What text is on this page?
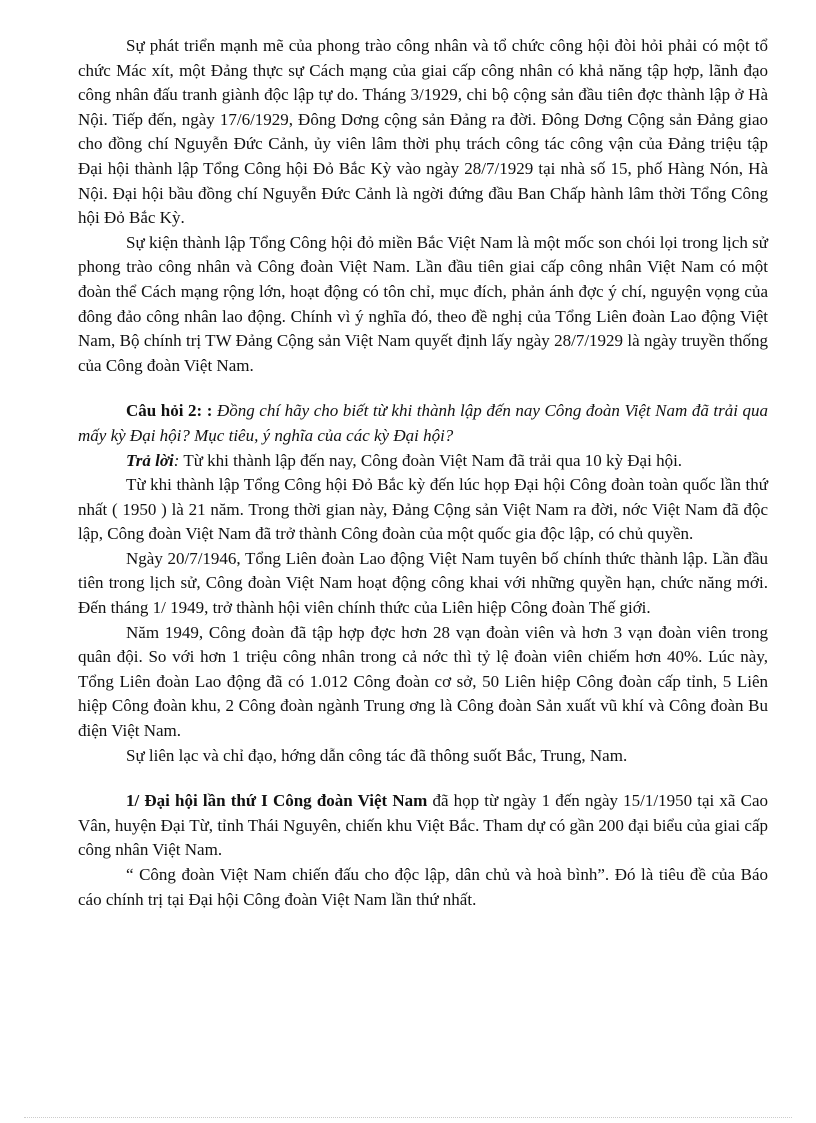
Sự phát triển mạnh mẽ của phong trào công nhân và tổ chức công hội đòi hỏi phải có một tổ chức Mác xít, một Đảng thực sự Cách mạng của giai cấp công nhân có khả năng tập hợp, lãnh đạo công nhân đấu tranh giành độc lập tự do. Tháng 3/1929, chi bộ cộng sản đầu tiên đợc thành lập ở Hà Nội. Tiếp đến, ngày 17/6/1929, Đông Dơng cộng sản Đảng ra đời. Đông Dơng Cộng sản Đảng giao cho đồng chí Nguyễn Đức Cảnh, ủy viên lâm thời phụ trách công tác công vận của Đảng triệu tập Đại hội thành lập Tổng Công hội Đỏ Bắc Kỳ vào ngày 28/7/1929 tại nhà số 15, phố Hàng Nón, Hà Nội. Đại hội bầu đồng chí Nguyễn Đức Cảnh là ngời đứng đầu Ban Chấp hành lâm thời Tổng Công hội Đỏ Bắc Kỳ.

Sự kiện thành lập Tổng Công hội đỏ miền Bắc Việt Nam là một mốc son chói lọi trong lịch sử phong trào công nhân và Công đoàn Việt Nam. Lần đầu tiên giai cấp công nhân Việt Nam có một đoàn thể Cách mạng rộng lớn, hoạt động có tôn chỉ, mục đích, phản ánh đợc ý chí, nguyện vọng của đông đảo công nhân lao động. Chính vì ý nghĩa đó, theo đề nghị của Tổng Liên đoàn Lao động Việt Nam, Bộ chính trị TW Đảng Cộng sản Việt Nam quyết định lấy ngày 28/7/1929 là ngày truyền thống của Công đoàn Việt Nam.

Câu hỏi 2: : Đồng chí hãy cho biết từ khi thành lập đến nay Công đoàn Việt Nam đã trải qua mấy kỳ Đại hội? Mục tiêu, ý nghĩa của các kỳ Đại hội?

Trả lời: Từ khi thành lập đến nay, Công đoàn Việt Nam đã trải qua 10 kỳ Đại hội.

Từ khi thành lập Tổng Công hội Đỏ Bắc kỳ đến lúc họp Đại hội Công đoàn toàn quốc lần thứ nhất ( 1950 ) là 21 năm. Trong thời gian này, Đảng Cộng sản Việt Nam ra đời, nớc Việt Nam đã độc lập, Công đoàn Việt Nam đã trở thành Công đoàn của một quốc gia độc lập, có chủ quyền.

Ngày 20/7/1946, Tổng Liên đoàn Lao động Việt Nam tuyên bố chính thức thành lập. Lần đầu tiên trong lịch sử, Công đoàn Việt Nam hoạt động công khai với những quyền hạn, chức năng mới. Đến tháng 1/ 1949, trở thành hội viên chính thức của Liên hiệp Công đoàn Thế giới.

Năm 1949, Công đoàn đã tập hợp đợc hơn 28 vạn đoàn viên và hơn 3 vạn đoàn viên trong quân đội. So với hơn 1 triệu công nhân trong cả nớc thì tỷ lệ đoàn viên chiếm hơn 40%. Lúc này, Tổng Liên đoàn Lao động đã có 1.012 Công đoàn cơ sở, 50 Liên hiệp Công đoàn cấp tỉnh, 5 Liên hiệp Công đoàn khu, 2 Công đoàn ngành Trung ơng là Công đoàn Sản xuất vũ khí và Công đoàn Bu điện Việt Nam.

Sự liên lạc và chỉ đạo, hớng dẫn công tác đã thông suốt Bắc, Trung, Nam.

1/ Đại hội lần thứ I Công đoàn Việt Nam đã họp từ ngày 1 đến ngày 15/1/1950 tại xã Cao Vân, huyện Đại Từ, tỉnh Thái Nguyên, chiến khu Việt Bắc. Tham dự có gần 200 đại biểu của giai cấp công nhân Việt Nam.

“ Công đoàn Việt Nam chiến đấu cho độc lập, dân chủ và hoà bình”. Đó là tiêu đề của Báo cáo chính trị tại Đại hội Công đoàn Việt Nam lần thứ nhất.
